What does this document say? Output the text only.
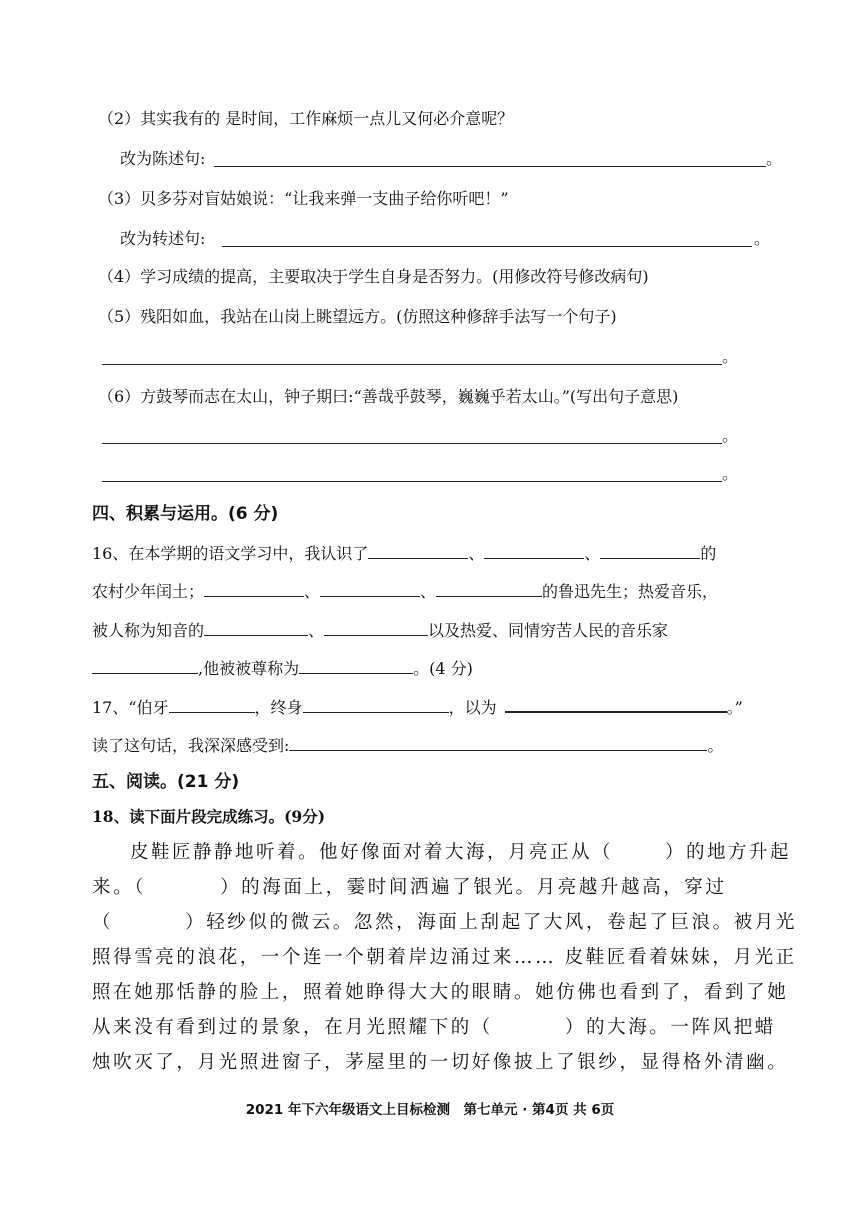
（2）其实我有的 是时间，工作麻烦一点儿又何必介意呢？
改为陈述句:	。
（3）贝多芬对盲姑娘说：“让我来弹一支曲子给你听吧！”
改为转述句:	。
（4）学习成绩的提高，主要取决于学生自身是否努力。(用修改符号修改病句)
（5）残阳如血，我站在山岗上眺望远方。(仿照这种修辞手法写一个句子)
。
（6）方鼓琴而志在太山，钟子期曰:“善哉乎鼓琴，巍巍乎若太山。”(写出句子意思)
。
。
四、积累与运用。(6 分)
16、在本学期的语文学习中，我认识了	、	、	的
农村少年闰土；	、	、	的鲁迅先生；热爱音乐，
被人称为知音的	、	以及热爱、同情穷苦人民的音乐家
,他被被尊称为	。(4 分)
17、“伯牙	，终身	，以为	。”
读了这句话，我深深感受到:	。
五、阅读。(21 分)
18、读下面片段完成练习。(9分)
皮鞋匠静静地听着。他好像面对着大海，月亮正从（	）的地方升起
来。（	）的海面上，霎时间洒遍了银光。月亮越升越高，穿过
（	）轻纱似的微云。忽然，海面上刮起了大风，卷起了巨浪。被月光
照得雪亮的浪花，一个连一个朝着岸边涌过来…… 皮鞋匠看着妹妹，月光正
照在她那恬静的脸上，照着她睁得大大的眼睛。她仿佛也看到了，看到了她
从来没有看到过的景象，在月光照耀下的（	）的大海。一阵风把蜡
烛吹灭了，月光照进窗子，茅屋里的一切好像披上了银纱，显得格外清幽。
2021 年下六年级语文上目标检测　第七单元 · 第4页 共 6页
